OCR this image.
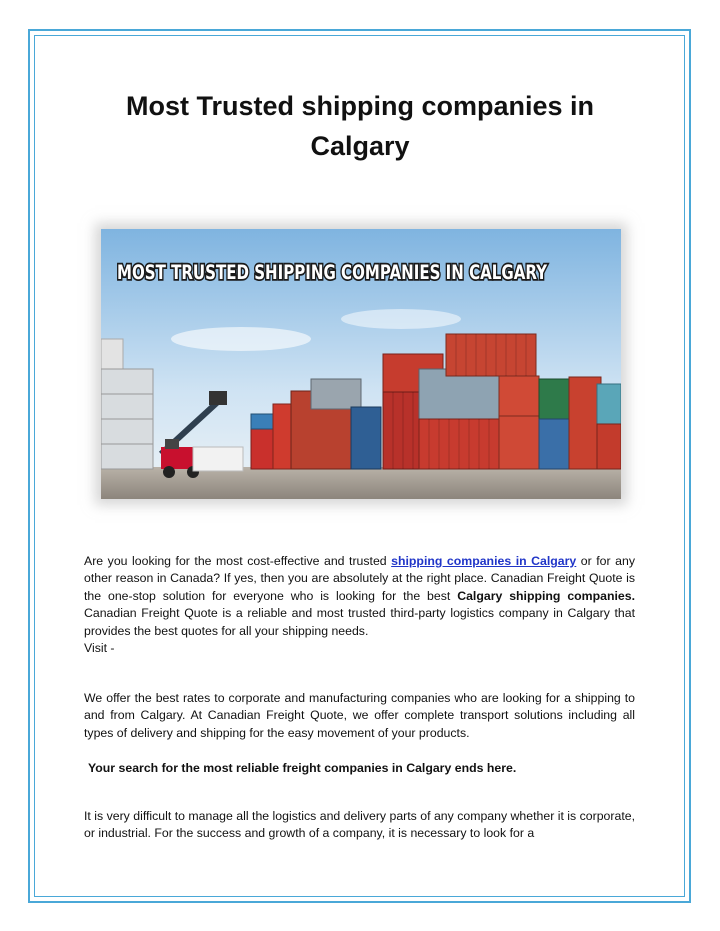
Most Trusted shipping companies in Calgary
MOST TRUSTED SHIPPING COMPANIES IN CALGARY

Are you looking for the most cost-effective and trusted shipping companies in Calgary or for any other reason in Canada? If yes, then you are absolutely at the right place. Canadian Freight Quote is the one-stop solution for everyone who is looking for the best Calgary shipping companies. Canadian Freight Quote is a reliable and most trusted third-party logistics company in Calgary that provides the best quotes for all your shipping needs.
Visit -

We offer the best rates to corporate and manufacturing companies who are looking for a shipping to and from Calgary. At Canadian Freight Quote, we offer complete transport solutions including all types of delivery and shipping for the easy movement of your products.

Your search for the most reliable freight companies in Calgary ends here.

It is very difficult to manage all the logistics and delivery parts of any company whether it is corporate, or industrial. For the success and growth of a company, it is necessary to look for a
